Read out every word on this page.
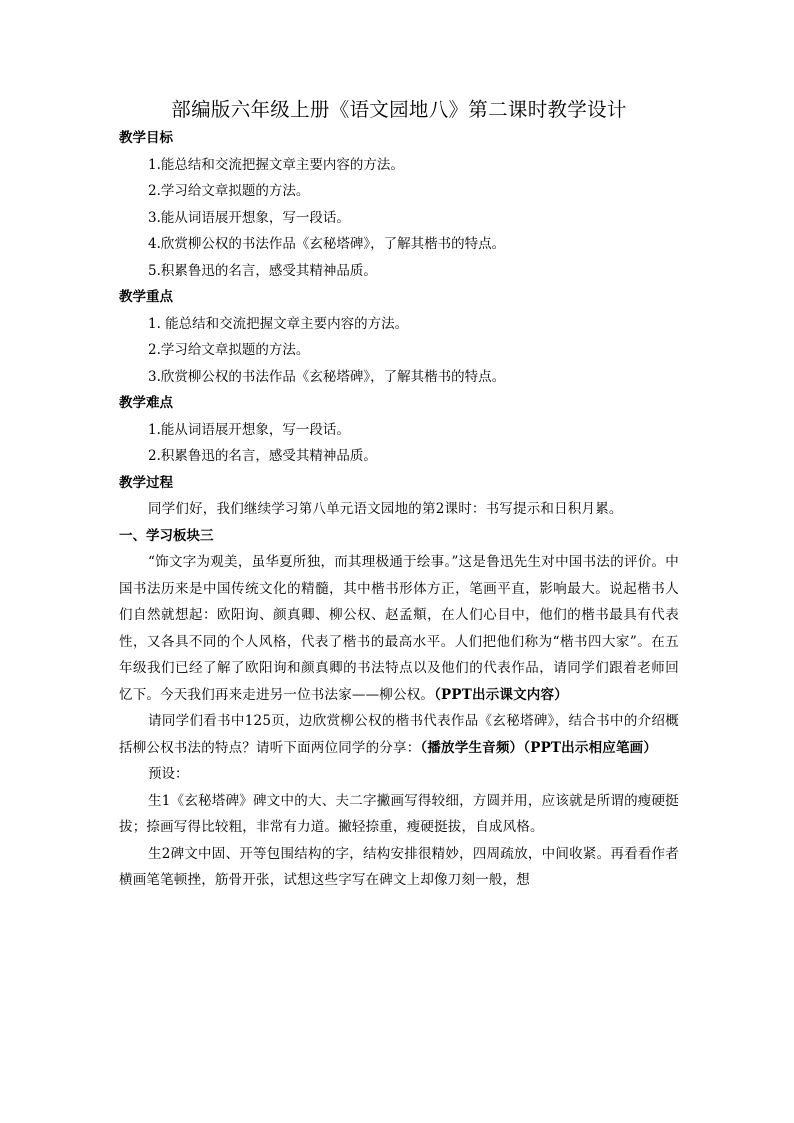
部编版六年级上册《语文园地八》第二课时教学设计
教学目标
1.能总结和交流把握文章主要内容的方法。
2.学习给文章拟题的方法。
3.能从词语展开想象，写一段话。
4.欣赏柳公权的书法作品《玄秘塔碑》，了解其楷书的特点。
5.积累鲁迅的名言，感受其精神品质。
教学重点
1. 能总结和交流把握文章主要内容的方法。
2.学习给文章拟题的方法。
3.欣赏柳公权的书法作品《玄秘塔碑》，了解其楷书的特点。
教学难点
1.能从词语展开想象，写一段话。
2.积累鲁迅的名言，感受其精神品质。
教学过程

同学们好，我们继续学习第八单元语文园地的第2课时：书写提示和日积月累。

一、学习板块三

“饰文字为观美，虽华夏所独，而其理极通于绘事。”这是鲁迅先生对中国书法的评价。中国书法历来是中国传统文化的精髓，其中楷书形体方正，笔画平直，影响最大。说起楷书人们自然就想起：欧阳询、颜真卿、柳公权、赵孟頫，在人们心目中，他们的楷书最具有代表性，又各具不同的个人风格，代表了楷书的最高水平。人们把他们称为“楷书四大家”。在五年级我们已经了解了欧阳询和颜真卿的书法特点以及他们的代表作品，请同学们跟着老师回忆下。今天我们再来走进另一位书法家——柳公权。（PPT出示课文内容）

请同学们看书中125页，边欣赏柳公权的楷书代表作品《玄秘塔碑》，结合书中的介绍概括柳公权书法的特点？请听下面两位同学的分享：（播放学生音频）（PPT出示相应笔画）

预设：

生1《玄秘塔碑》碑文中的大、夫二字撇画写得较细，方圆并用，应该就是所谓的瘦硬挺拔；捺画写得比较粗，非常有力道。撇轻捺重，瘦硬挺拔，自成风格。

生2碑文中固、开等包围结构的字，结构安排很精妙，四周疏放，中间收紧。再看看作者横画笔笔顿挫，筋骨开张，试想这些字写在碑文上却像刀刻一般，想
